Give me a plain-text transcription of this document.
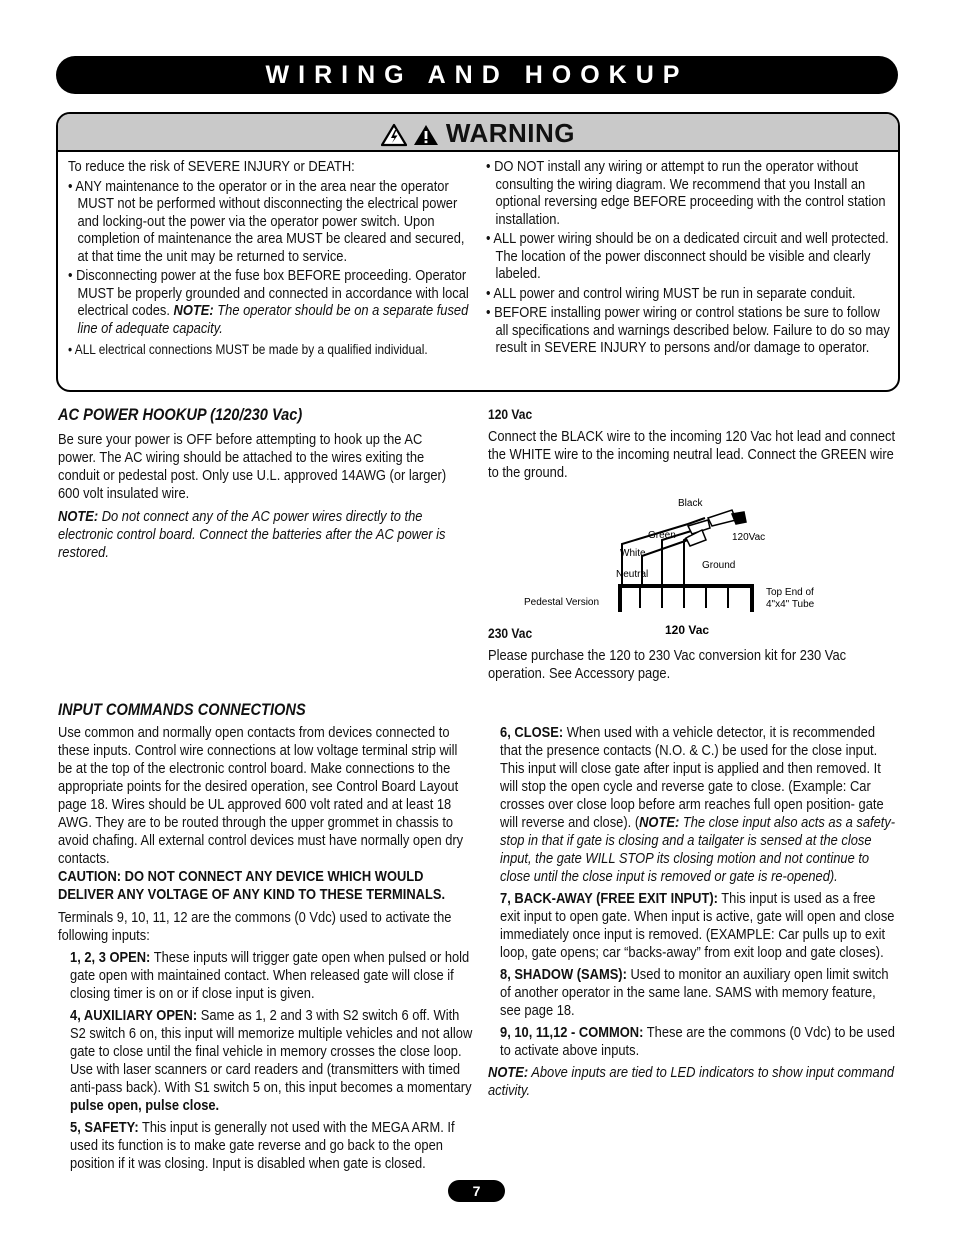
WIRING AND HOOKUP
WARNING

To reduce the risk of SEVERE INJURY or DEATH:

• ANY maintenance to the operator or in the area near the operator MUST not be performed without disconnecting the electrical power and locking-out the power via the operator power switch. Upon completion of maintenance the area MUST be cleared and secured, at that time the unit may be returned to service.

• Disconnecting power at the fuse box BEFORE proceeding. Operator MUST be properly grounded and connected in accordance with local electrical codes. NOTE: The operator should be on a separate fused line of adequate capacity.

• ALL electrical connections MUST be made by a qualified individual.

• DO NOT install any wiring or attempt to run the operator without consulting the wiring diagram. We recommend that you Install an optional reversing edge BEFORE proceeding with the control station installation.

• ALL power wiring should be on a dedicated circuit and well protected. The location of the power disconnect should be visible and clearly labeled.

• ALL power and control wiring MUST be run in separate conduit.

• BEFORE installing power wiring or control stations be sure to follow all specifications and warnings described below. Failure to do so may result in SEVERE INJURY to persons and/or damage to operator.

AC POWER HOOKUP (120/230 Vac)

Be sure your power is OFF before attempting to hook up the AC power. The AC wiring should be attached to the wires exiting the conduit or pedestal post. Only use U.L. approved 14AWG (or larger) 600 volt insulated wire.

NOTE: Do not connect any of the AC power wires directly to the electronic control board. Connect the batteries after the AC power is restored.

120 Vac

Connect the BLACK wire to the incoming 120 Vac hot lead and connect the WHITE wire to the incoming neutral lead. Connect the GREEN wire to the ground.

Black
Green	120Vac
White
Ground
Neutral
Pedestal Version
Top End of
4"x4" Tube
120 Vac

230 Vac

Please purchase the 120 to 230 Vac conversion kit for 230 Vac operation. See Accessory page.

INPUT COMMANDS CONNECTIONS

Use common and normally open contacts from devices connected to these inputs. Control wire connections at low voltage terminal strip will be at the top of the electronic control board. Make connections to the appropriate points for the desired operation, see Control Board Layout page 18. Wires should be UL approved 600 volt rated and at least 18 AWG. They are to be routed through the upper grommet in chassis to avoid chafing. All external control devices must have normally open dry contacts.

CAUTION: DO NOT CONNECT ANY DEVICE WHICH WOULD DELIVER ANY VOLTAGE OF ANY KIND TO THESE TERMINALS.

Terminals 9, 10, 11, 12 are the commons (0 Vdc) used to activate the following inputs:

1, 2, 3 OPEN: These inputs will trigger gate open when pulsed or hold gate open with maintained contact. When released gate will close if closing timer is on or if close input is given.

4, AUXILIARY OPEN: Same as 1, 2 and 3 with S2 switch 6 off. With S2 switch 6 on, this input will memorize multiple vehicles and not allow gate to close until the final vehicle in memory crosses the close loop. Use with laser scanners or card readers and (transmitters with timed anti-pass back). With S1 switch 5 on, this input becomes a momentary pulse open, pulse close.

5, SAFETY: This input is generally not used with the MEGA ARM. If used its function is to make gate reverse and go back to the open position if it was closing. Input is disabled when gate is closed.

6, CLOSE: When used with a vehicle detector, it is recommended that the presence contacts (N.O. & C.) be used for the close input. This input will close gate after input is applied and then removed. It will stop the open cycle and reverse gate to close. (Example: Car crosses over close loop before arm reaches full open position- gate will reverse and close). (NOTE: The close input also acts as a safety-stop in that if gate is closing and a tailgater is sensed at the close input, the gate WILL STOP its closing motion and not continue to close until the close input is removed or gate is re-opened).

7, BACK-AWAY (FREE EXIT INPUT): This input is used as a free exit input to open gate. When input is active, gate will open and close immediately once input is removed. (EXAMPLE: Car pulls up to exit loop, gate opens; car “backs-away” from exit loop and gate closes).

8, SHADOW (SAMS): Used to monitor an auxiliary open limit switch of another operator in the same lane. SAMS with memory feature, see page 18.

9, 10, 11,12 - COMMON: These are the commons (0 Vdc) to be used to activate above inputs.

NOTE: Above inputs are tied to LED indicators to show input command activity.

7
